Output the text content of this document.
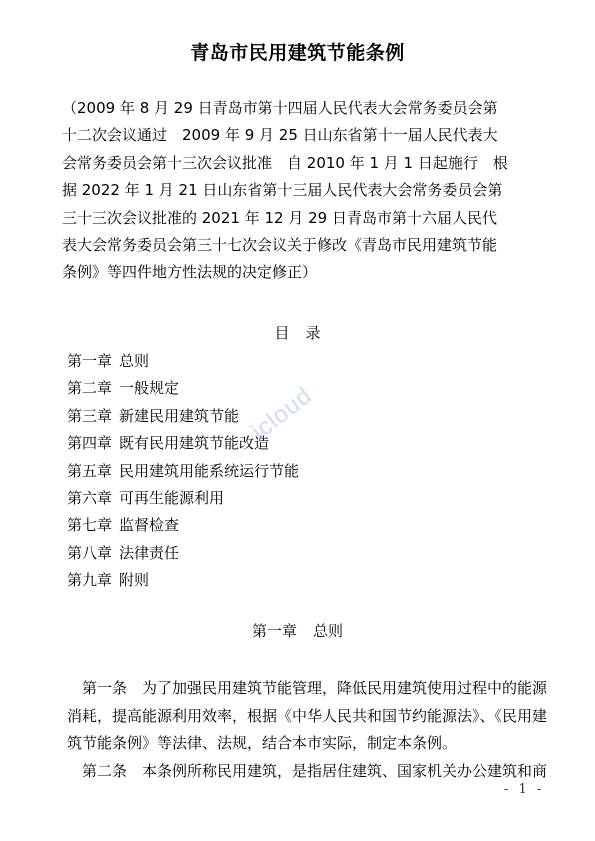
青岛市民用建筑节能条例
（2009 年 8 月 29 日青岛市第十四届人民代表大会常务委员会第
十二次会议通过　2009 年 9 月 25 日山东省第十一届人民代表大
会常务委员会第十三次会议批准　自 2010 年 1 月 1 日起施行　根
据 2022 年 1 月 21 日山东省第十三届人民代表大会常务委员会第
三十三次会议批准的 2021 年 12 月 29 日青岛市第十六届人民代
表大会常务委员会第三十七次会议关于修改《青岛市民用建筑节能
条例》等四件地方性法规的决定修正）
目 录
第一章 总则
第二章 一般规定
第三章 新建民用建筑节能
第四章 既有民用建筑节能改造
第五章 民用建筑用能系统运行节能
第六章 可再生能源利用
第七章 监督检查
第八章 法律责任
第九章 附则
第一章 总则
　第一条　为了加强民用建筑节能管理，降低民用建筑使用过程中的能源
消耗，提高能源利用效率，根据《中华人民共和国节约能源法》、《民用建
筑节能条例》等法律、法规，结合本市实际，制定本条例。
　第二条　本条例所称民用建筑，是指居住建筑、国家机关办公建筑和商
- 1 -
icloud
